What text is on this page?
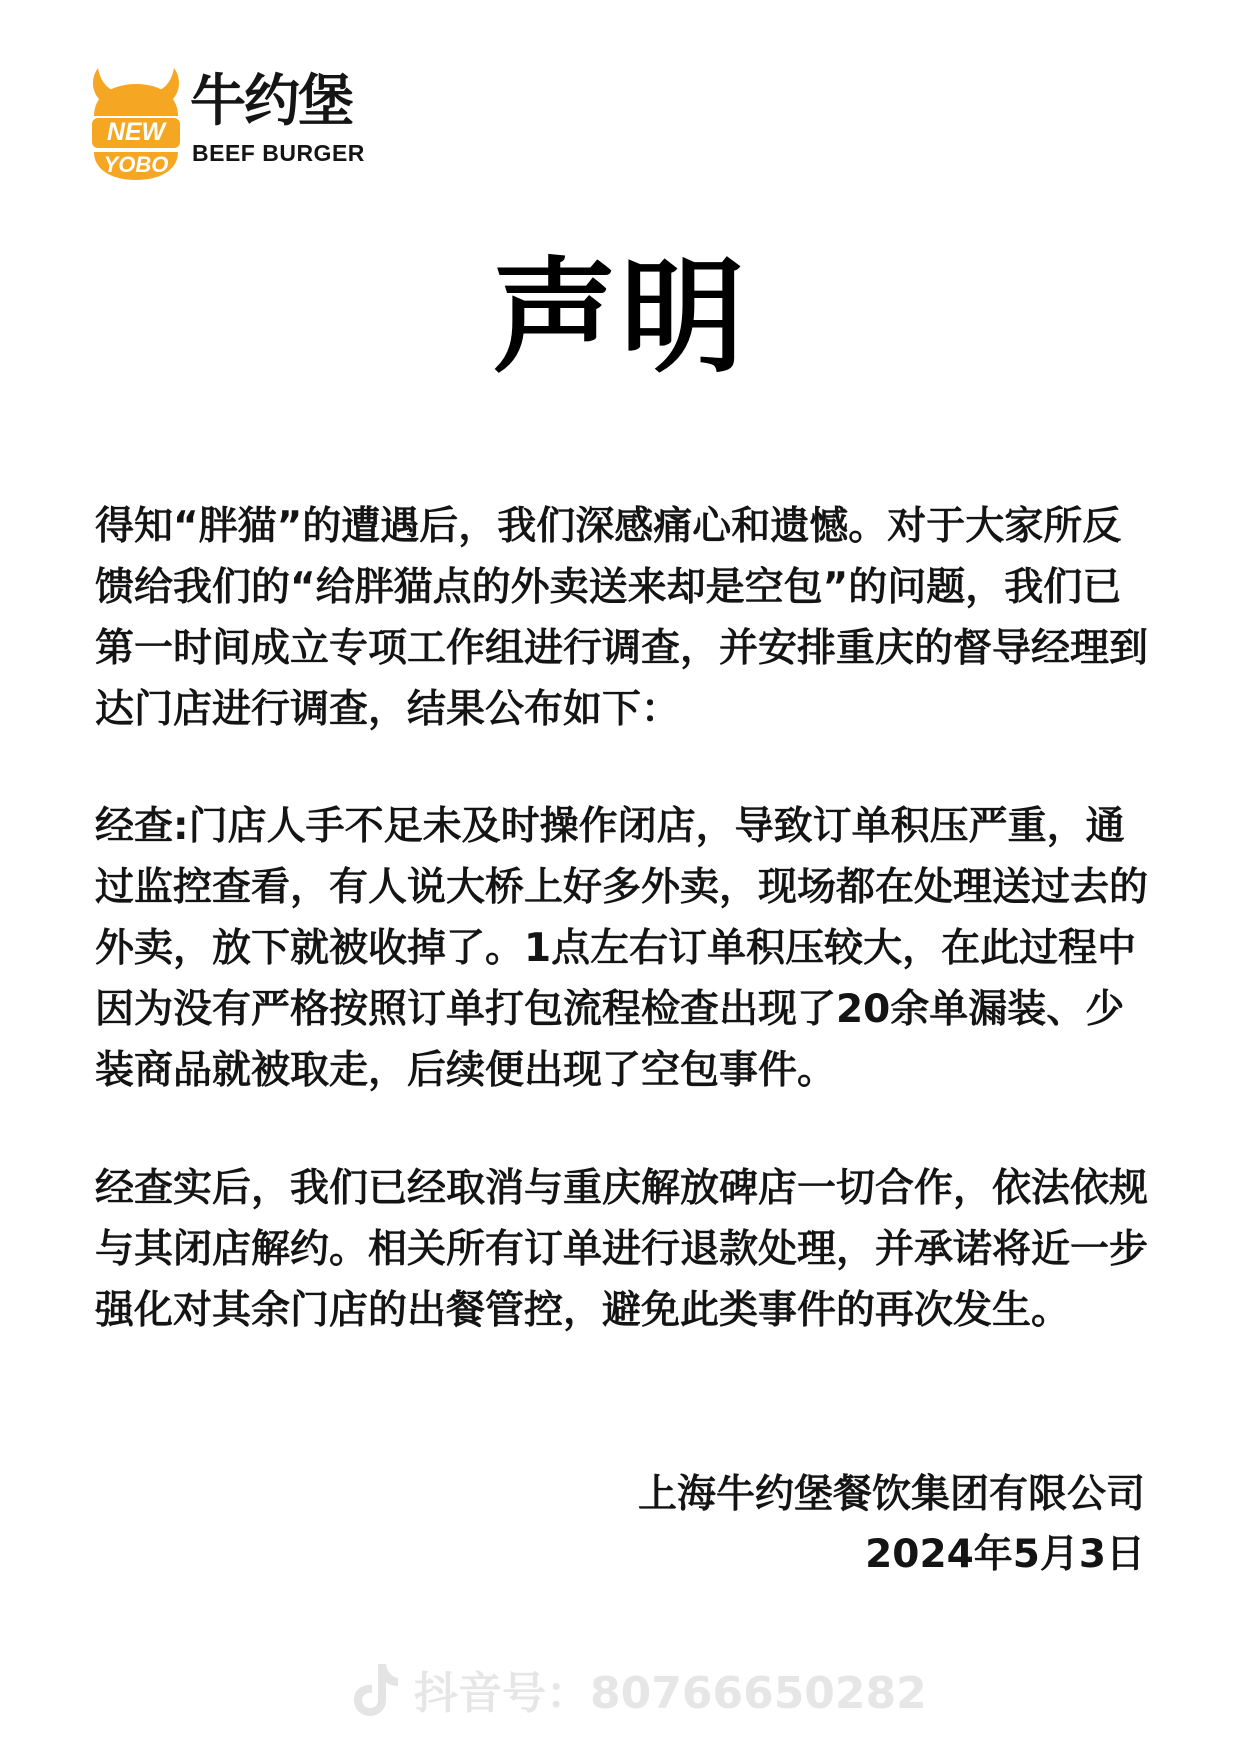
NEW
YOBO
牛约堡
BEEF BURGER
声明

得知“胖猫”的遭遇后，我们深感痛心和遗憾。对于大家所反馈给我们的“给胖猫点的外卖送来却是空包”的问题，我们已第一时间成立专项工作组进行调查，并安排重庆的督导经理到达门店进行调查，结果公布如下：

经查:门店人手不足未及时操作闭店，导致订单积压严重，通过监控查看，有人说大桥上好多外卖，现场都在处理送过去的外卖，放下就被收掉了。1点左右订单积压较大，在此过程中因为没有严格按照订单打包流程检查出现了20余单漏装、少装商品就被取走，后续便出现了空包事件。

经查实后，我们已经取消与重庆解放碑店一切合作，依法依规与其闭店解约。相关所有订单进行退款处理，并承诺将近一步强化对其余门店的出餐管控，避免此类事件的再次发生。

上海牛约堡餐饮集团有限公司
2024年5月3日
抖音号：80766650282
